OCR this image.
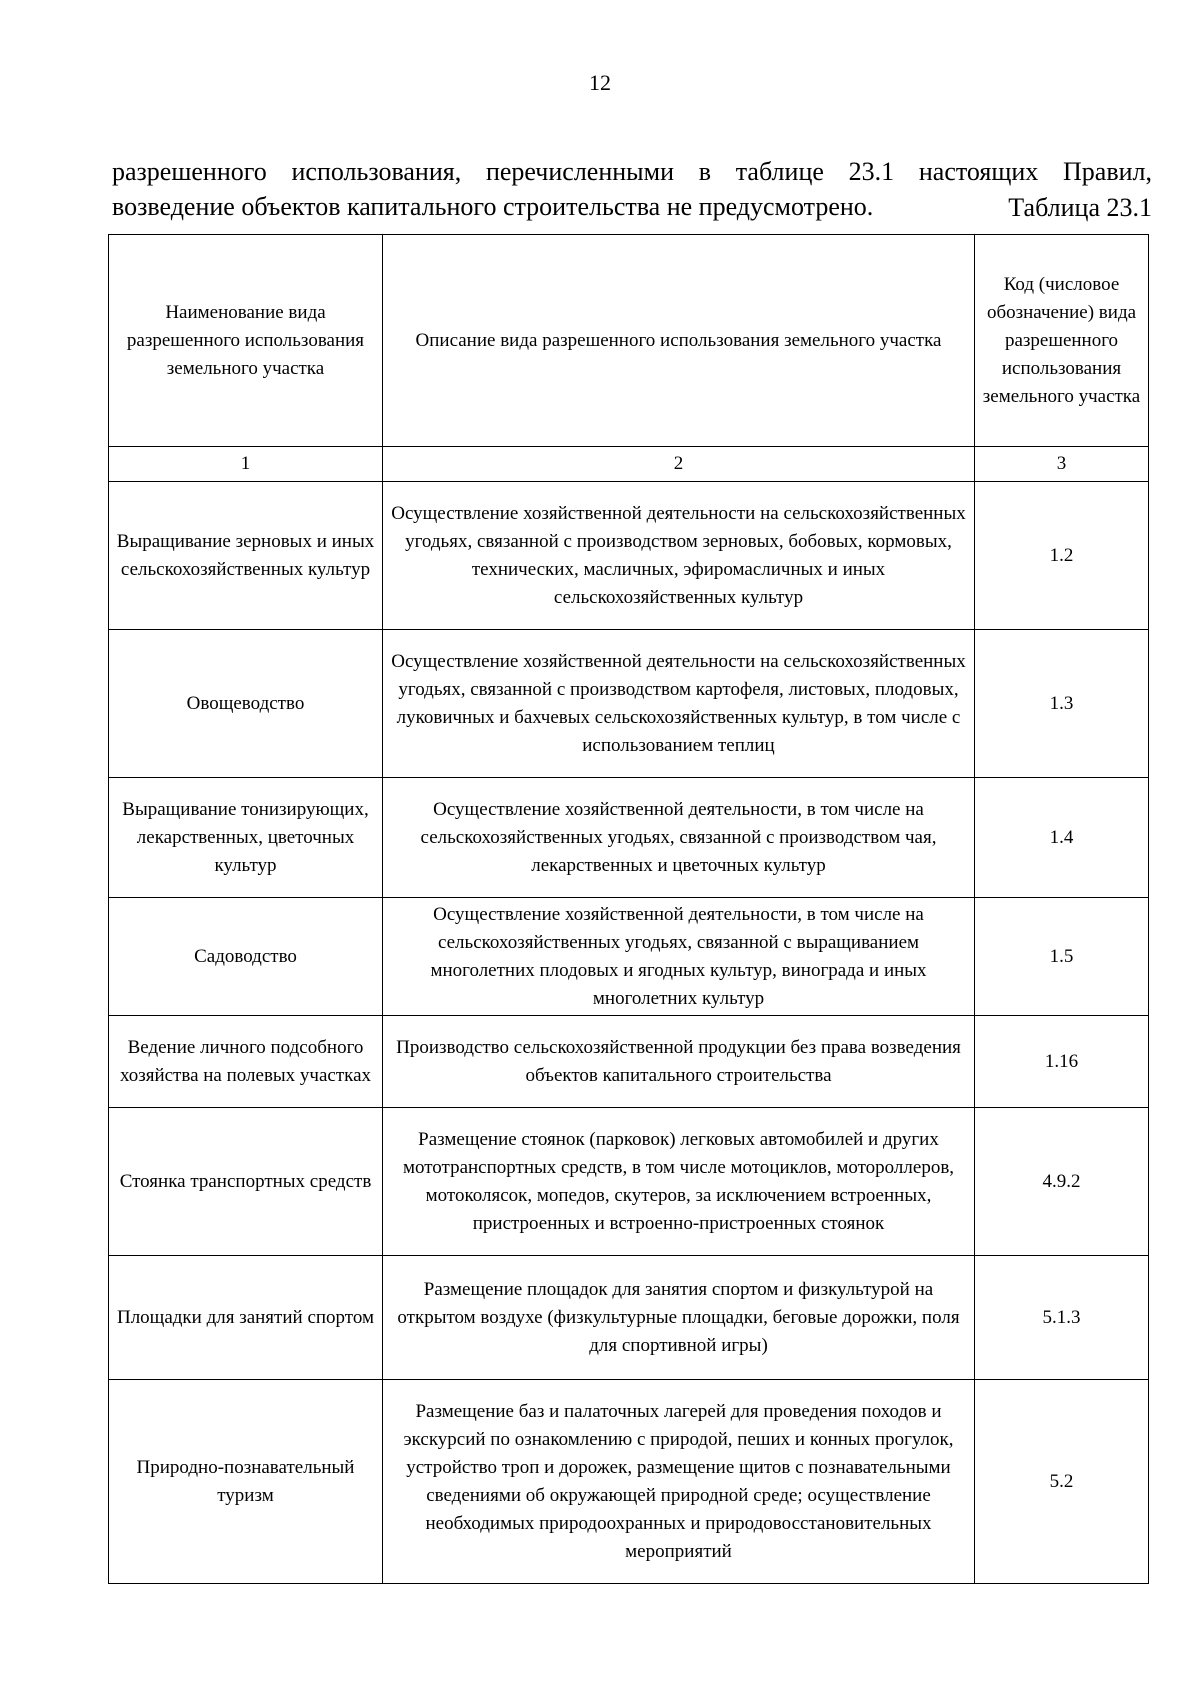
12

разрешенного использования, перечисленными в таблице 23.1 настоящих Правил, возведение объектов капитального строительства не предусмотрено.	Таблица 23.1
Наименование вида разрешенного использования земельного участка	Описание вида разрешенного использования земельного участка	Код (числовое обозначение) вида разрешенного использования земельного участка
1	2	3
Выращивание зерновых и иных сельскохозяйственных культур	Осуществление хозяйственной деятельности на сельскохозяйственных угодьях, связанной с производством зерновых, бобовых, кормовых, технических, масличных, эфиромасличных и иных сельскохозяйственных культур	1.2
Овощеводство	Осуществление хозяйственной деятельности на сельскохозяйственных угодьях, связанной с производством картофеля, листовых, плодовых, луковичных и бахчевых сельскохозяйственных культур, в том числе с использованием теплиц	1.3
Выращивание тонизирующих, лекарственных, цветочных культур	Осуществление хозяйственной деятельности, в том числе на сельскохозяйственных угодьях, связанной с производством чая, лекарственных и цветочных культур	1.4
Садоводство	Осуществление хозяйственной деятельности, в том числе на сельскохозяйственных угодьях, связанной с выращиванием многолетних плодовых и ягодных культур, винограда и иных многолетних культур	1.5
Ведение личного подсобного хозяйства на полевых участках	Производство сельскохозяйственной продукции без права возведения объектов капитального строительства	1.16
Стоянка транспортных средств	Размещение стоянок (парковок) легковых автомобилей и других мототранспортных средств, в том числе мотоциклов, мотороллеров, мотоколясок, мопедов, скутеров, за исключением встроенных, пристроенных и встроенно-пристроенных стоянок	4.9.2
Площадки для занятий спортом	Размещение площадок для занятия спортом и физкультурой на открытом воздухе (физкультурные площадки, беговые дорожки, поля для спортивной игры)	5.1.3
Природно-познавательный туризм	Размещение баз и палаточных лагерей для проведения походов и экскурсий по ознакомлению с природой, пеших и конных прогулок, устройство троп и дорожек, размещение щитов с познавательными сведениями об окружающей природной среде; осуществление необходимых природоохранных и природовосстановительных мероприятий	5.2
